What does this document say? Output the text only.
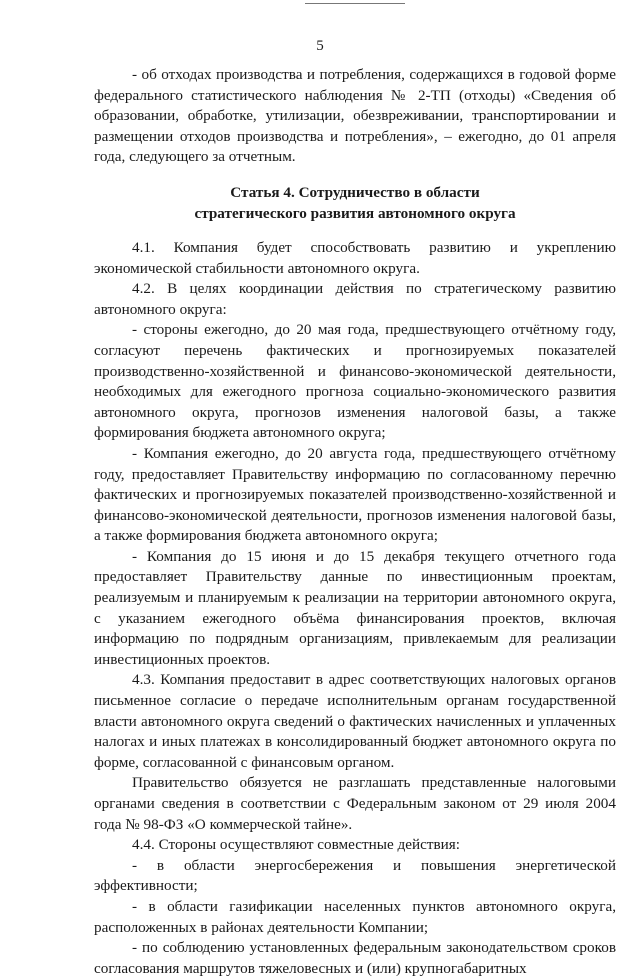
5

- об отходах производства и потребления, содержащихся в годовой форме федерального статистического наблюдения № 2-ТП (отходы) «Сведения об образовании, обработке, утилизации, обезвреживании, транспортировании и размещении отходов производства и потребления», – ежегодно, до 01 апреля года, следующего за отчетным.

Статья 4. Сотрудничество в области
стратегического развития автономного округа

4.1. Компания будет способствовать развитию и укреплению экономической стабильности автономного округа.

4.2. В целях координации действия по стратегическому развитию автономного округа:

- стороны ежегодно, до 20 мая года, предшествующего отчётному году, согласуют перечень фактических и прогнозируемых показателей производственно-хозяйственной и финансово-экономической деятельности, необходимых для ежегодного прогноза социально-экономического развития автономного округа, прогнозов изменения налоговой базы, а также формирования бюджета автономного округа;

- Компания ежегодно, до 20 августа года, предшествующего отчётному году, предоставляет Правительству информацию по согласованному перечню фактических и прогнозируемых показателей производственно-хозяйственной и финансово-экономической деятельности, прогнозов изменения налоговой базы, а также формирования бюджета автономного округа;

- Компания до 15 июня и до 15 декабря текущего отчетного года предоставляет Правительству данные по инвестиционным проектам, реализуемым и планируемым к реализации на территории автономного округа, с указанием ежегодного объёма финансирования проектов, включая информацию по подрядным организациям, привлекаемым для реализации инвестиционных проектов.

4.3. Компания предоставит в адрес соответствующих налоговых органов письменное согласие о передаче исполнительным органам государственной власти автономного округа сведений о фактических начисленных и уплаченных налогах и иных платежах в консолидированный бюджет автономного округа по форме, согласованной с финансовым органом.

Правительство обязуется не разглашать представленные налоговыми органами сведения в соответствии с Федеральным законом от 29 июля 2004 года № 98-ФЗ «О коммерческой тайне».

4.4. Стороны осуществляют совместные действия:

- в области энергосбережения и повышения энергетической эффективности;

- в области газификации населенных пунктов автономного округа, расположенных в районах деятельности Компании;

- по соблюдению установленных федеральным законодательством сроков согласования маршрутов тяжеловесных и (или) крупногабаритных
